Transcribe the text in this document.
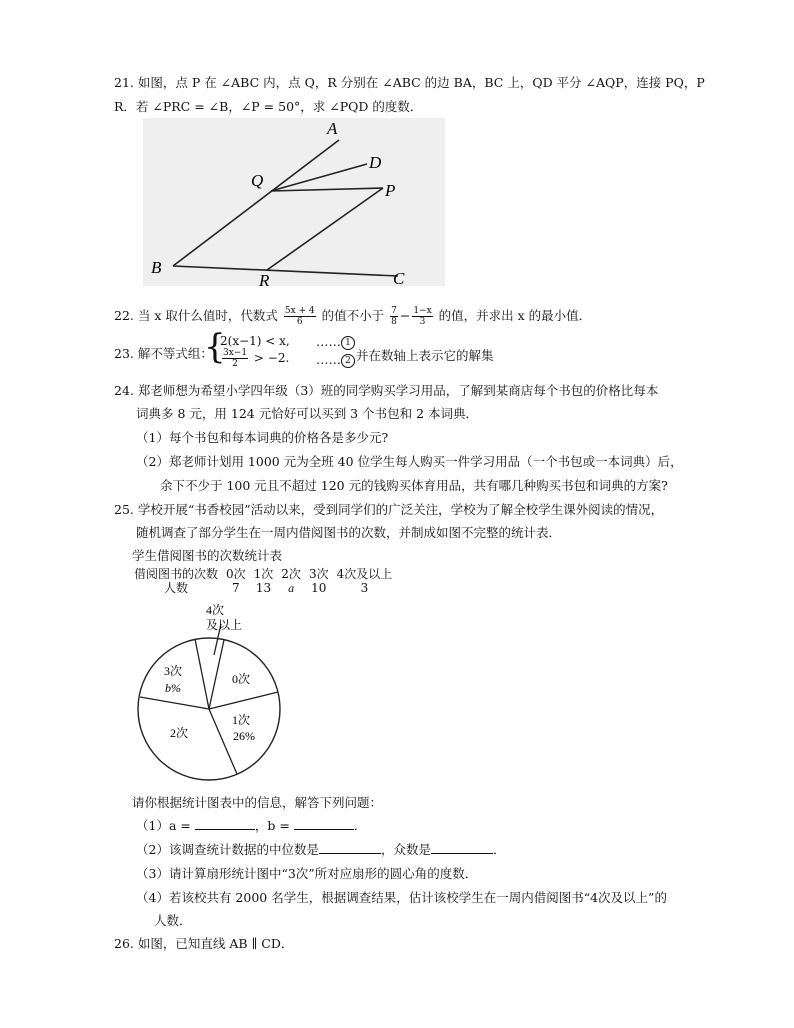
21. 如图，点 P 在 ∠ABC 内，点 Q，R 分别在 ∠ABC 的边 BA，BC 上，QD 平分 ∠AQP，连接 PQ，P
R．若 ∠PRC = ∠B，∠P = 50°，求 ∠PQD 的度数．
A
D
Q
P
B
R	C
22. 当 x 取什么值时，代数式 $\frac{5x + 4}{6}$ 的值不小于 $\frac{7}{8} - \frac{1-x}{3}$ 的值，并求出 x 的最小值．
23. 解不等式组：
{
2(x−1) < x,
$\frac{3x-1}{2} > -2$.
…… 1
…… 2 并在数轴上表示它的解集
24. 郑老师想为希望小学四年级（3）班的同学购买学习用品，了解到某商店每个书包的价格比每本
词典多 8 元，用 124 元恰好可以买到 3 个书包和 2 本词典．
（1）每个书包和每本词典的价格各是多少元?
（2）郑老师计划用 1000 元为全班 40 位学生每人购买一件学习用品（一个书包或一本词典）后，
余下不少于 100 元且不超过 120 元的钱购买体育用品，共有哪几种购买书包和词典的方案?
25. 学校开展“书香校园”活动以来，受到同学们的广泛关注，学校为了解全校学生课外阅读的情况，
随机调查了部分学生在一周内借阅图书的次数，并制成如图不完整的统计表．
学生借阅图书的次数统计表
借阅图书的次数	0次	1次	2次	3次	4次及以上
人数	7	13	a	10	3
4次
及以上
0次
1次
26%
3次
b%
2次
请你根据统计图表中的信息，解答下列问题：
（1）a =	，b =	．
（2）该调查统计数据的中位数是	，众数是	．
（3）请计算扇形统计图中“3次”所对应扇形的圆心角的度数．
（4）若该校共有 2000 名学生，根据调查结果，估计该校学生在一周内借阅图书“4次及以上”的
人数．
26. 如图，已知直线 AB ∥ CD．
